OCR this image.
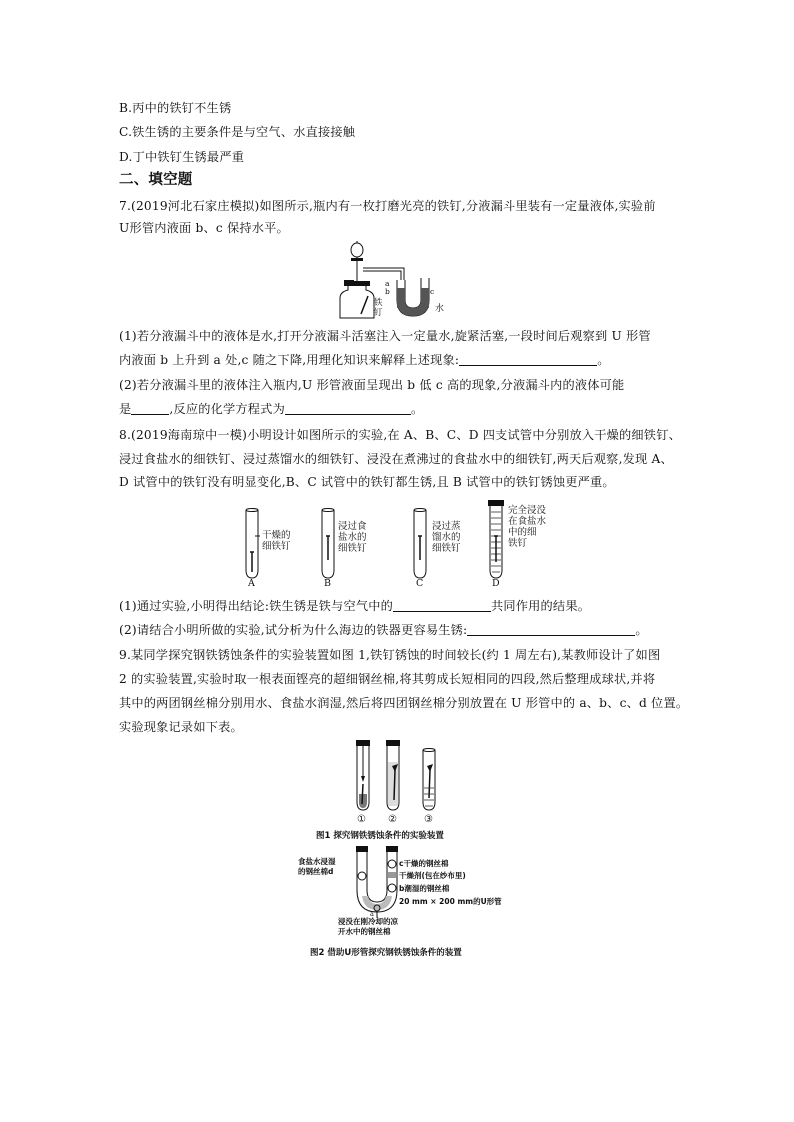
B.丙中的铁钉不生锈
C.铁生锈的主要条件是与空气、水直接接触
D.丁中铁钉生锈最严重
二、填空题
7.(2019河北石家庄模拟)如图所示,瓶内有一枚打磨光亮的铁钉,分液漏斗里装有一定量液体,实验前
U形管内液面 b、c 保持水平。
a
b	c
铁
钉	水
(1)若分液漏斗中的液体是水,打开分液漏斗活塞注入一定量水,旋紧活塞,一段时间后观察到 U 形管
内液面 b 上升到 a 处,c 随之下降,用理化知识来解释上述现象:	。
(2)若分液漏斗里的液体注入瓶内,U 形管液面呈现出 b 低 c 高的现象,分液漏斗内的液体可能
是	,反应的化学方程式为	。
8.(2019海南琼中一模)小明设计如图所示的实验,在 A、B、C、D 四支试管中分别放入干燥的细铁钉、
浸过食盐水的细铁钉、浸过蒸馏水的细铁钉、浸没在煮沸过的食盐水中的细铁钉,两天后观察,发现 A、
D 试管中的铁钉没有明显变化,B、C 试管中的铁钉都生锈,且 B 试管中的铁钉锈蚀更严重。
干燥的
细铁钉
浸过食
盐水的
细铁钉
浸过蒸
馏水的
细铁钉
完全浸没
在食盐水
中的细
铁钉
A	B	C	D
(1)通过实验,小明得出结论:铁生锈是铁与空气中的	共同作用的结果。
(2)请结合小明所做的实验,试分析为什么海边的铁器更容易生锈:	。
9.某同学探究钢铁锈蚀条件的实验装置如图 1,铁钉锈蚀的时间较长(约 1 周左右),某教师设计了如图
2 的实验装置,实验时取一根表面铿亮的超细钢丝棉,将其剪成长短相同的四段,然后整理成球状,并将
其中的两团钢丝棉分别用水、食盐水润湿,然后将四团钢丝棉分别放置在 U 形管中的 a、b、c、d 位置。
实验现象记录如下表。
① ②	③
图1 探究钢铁锈蚀条件的实验装置
食盐水浸湿
的钢丝棉d
c干燥的钢丝棉
干燥剂(包在纱布里)
b潮湿的钢丝棉
20 mm × 200 mm的U形管
a
浸没在刚冷却的凉
开水中的钢丝棉
图2 借助U形管探究钢铁锈蚀条件的装置
